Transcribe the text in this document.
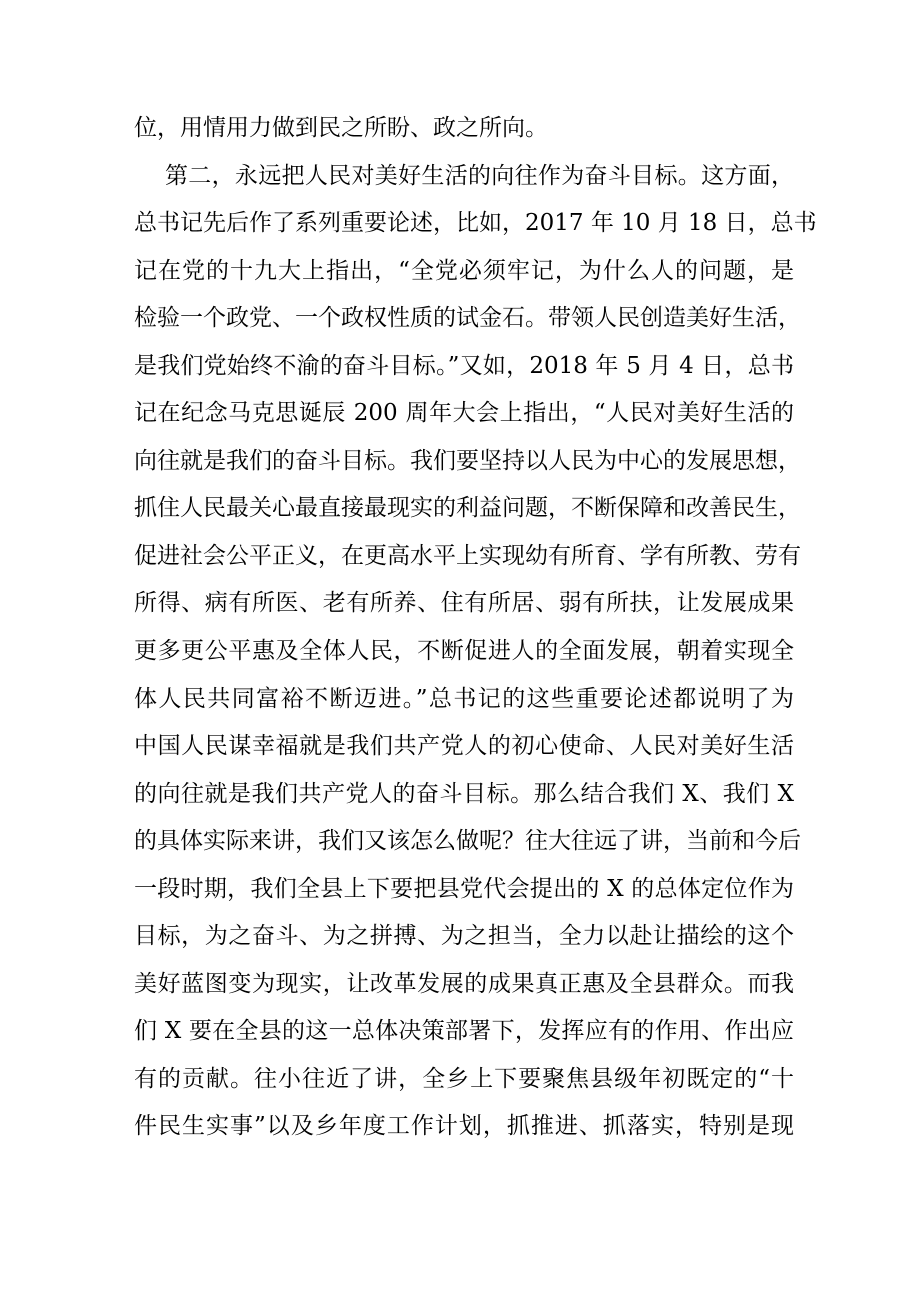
位，用情用力做到民之所盼、政之所向。
第二，永远把人民对美好生活的向往作为奋斗目标。这方面，
总书记先后作了系列重要论述，比如，2017 年 10 月 18 日，总书
记在党的十九大上指出，“全党必须牢记，为什么人的问题，是
检验一个政党、一个政权性质的试金石。带领人民创造美好生活，
是我们党始终不渝的奋斗目标。”又如，2018 年 5 月 4 日，总书
记在纪念马克思诞辰 200 周年大会上指出，“人民对美好生活的
向往就是我们的奋斗目标。我们要坚持以人民为中心的发展思想，
抓住人民最关心最直接最现实的利益问题，不断保障和改善民生，
促进社会公平正义，在更高水平上实现幼有所育、学有所教、劳有
所得、病有所医、老有所养、住有所居、弱有所扶，让发展成果
更多更公平惠及全体人民，不断促进人的全面发展，朝着实现全
体人民共同富裕不断迈进。”总书记的这些重要论述都说明了为
中国人民谋幸福就是我们共产党人的初心使命、人民对美好生活
的向往就是我们共产党人的奋斗目标。那么结合我们 X、我们 X
的具体实际来讲，我们又该怎么做呢？往大往远了讲，当前和今后
一段时期，我们全县上下要把县党代会提出的 X 的总体定位作为
目标，为之奋斗、为之拼搏、为之担当，全力以赴让描绘的这个
美好蓝图变为现实，让改革发展的成果真正惠及全县群众。而我
们 X 要在全县的这一总体决策部署下，发挥应有的作用、作出应
有的贡献。往小往近了讲，全乡上下要聚焦县级年初既定的“十
件民生实事”以及乡年度工作计划，抓推进、抓落实，特别是现
